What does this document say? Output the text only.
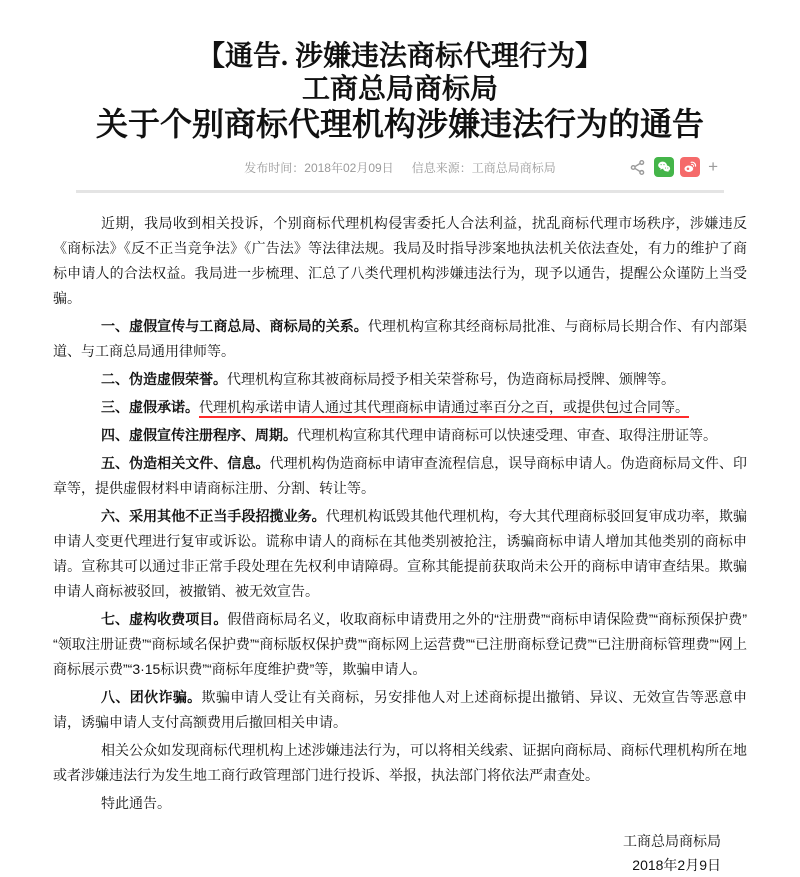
【通告. 涉嫌违法商标代理行为】
工商总局商标局
关于个别商标代理机构涉嫌违法行为的通告
发布时间：2018年02月09日 信息来源：工商总局商标局	+

近期，我局收到相关投诉，个别商标代理机构侵害委托人合法利益，扰乱商标代理市场秩序，涉嫌违反《商标法》《反不正当竞争法》《广告法》等法律法规。我局及时指导涉案地执法机关依法查处，有力的维护了商标申请人的合法权益。我局进一步梳理、汇总了八类代理机构涉嫌违法行为，现予以通告，提醒公众谨防上当受骗。

一、虚假宣传与工商总局、商标局的关系。代理机构宣称其经商标局批准、与商标局长期合作、有内部渠道、与工商总局通用律师等。

二、伪造虚假荣誉。代理机构宣称其被商标局授予相关荣誉称号，伪造商标局授牌、颁牌等。

三、虚假承诺。代理机构承诺申请人通过其代理商标申请通过率百分之百，或提供包过合同等。

四、虚假宣传注册程序、周期。代理机构宣称其代理申请商标可以快速受理、审查、取得注册证等。

五、伪造相关文件、信息。代理机构伪造商标申请审查流程信息，误导商标申请人。伪造商标局文件、印章等，提供虚假材料申请商标注册、分割、转让等。

六、采用其他不正当手段招揽业务。代理机构诋毁其他代理机构，夸大其代理商标驳回复审成功率，欺骗申请人变更代理进行复审或诉讼。谎称申请人的商标在其他类别被抢注，诱骗商标申请人增加其他类别的商标申请。宣称其可以通过非正常手段处理在先权利申请障碍。宣称其能提前获取尚未公开的商标申请审查结果。欺骗申请人商标被驳回，被撤销、被无效宣告。

七、虚构收费项目。假借商标局名义，收取商标申请费用之外的“注册费”“商标申请保险费”“商标预保护费”“领取注册证费”“商标域名保护费”“商标版权保护费”“商标网上运营费”“已注册商标登记费”“已注册商标管理费”“网上商标展示费”“3·15标识费”“商标年度维护费”等，欺骗申请人。

八、团伙诈骗。欺骗申请人受让有关商标，另安排他人对上述商标提出撤销、异议、无效宣告等恶意申请，诱骗申请人支付高额费用后撤回相关申请。

相关公众如发现商标代理机构上述涉嫌违法行为，可以将相关线索、证据向商标局、商标代理机构所在地或者涉嫌违法行为发生地工商行政管理部门进行投诉、举报，执法部门将依法严肃查处。

特此通告。

工商总局商标局

2018年2月9日
